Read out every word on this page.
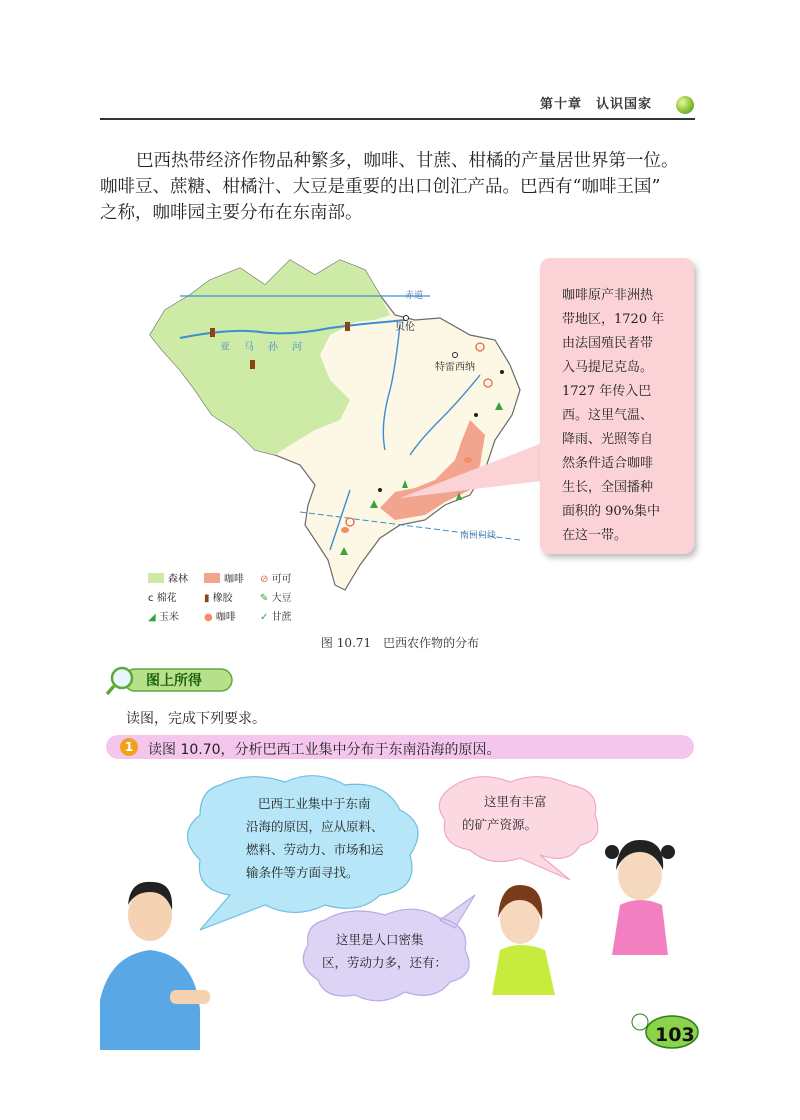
第十章　认识国家

巴西热带经济作物品种繁多，咖啡、甘蔗、柑橘的产量居世界第一位。

咖啡豆、蔗糖、柑橘汁、大豆是重要的出口创汇产品。巴西有“咖啡王国”
之称，咖啡园主要分布在东南部。
赤道
亚马孙河
贝伦
特雷西纳
南回归线
咖啡原产非洲热
带地区，1720 年
由法国殖民者带
入马提尼克岛。
1727 年传入巴
西。这里气温、
降雨、光照等自
然条件适合咖啡
生长，全国播种
面积的 90%集中
在这一带。
森林	咖啡 ⊘ 可可
ϲ 棉花	▮ 橡胶	✎ 大豆
◢ 玉米	● 咖啡 ✓ 甘蔗
图 10.71　巴西农作物的分布
图上所得
读图，完成下列要求。
1	读图 10.70，分析巴西工业集中分布于东南沿海的原因。
巴西工业集中于东南
沿海的原因，应从原料、
燃料、劳动力、市场和运
输条件等方面寻找。
这里有丰富
的矿产资源。
这里是人口密集
区，劳动力多，还有：
103
